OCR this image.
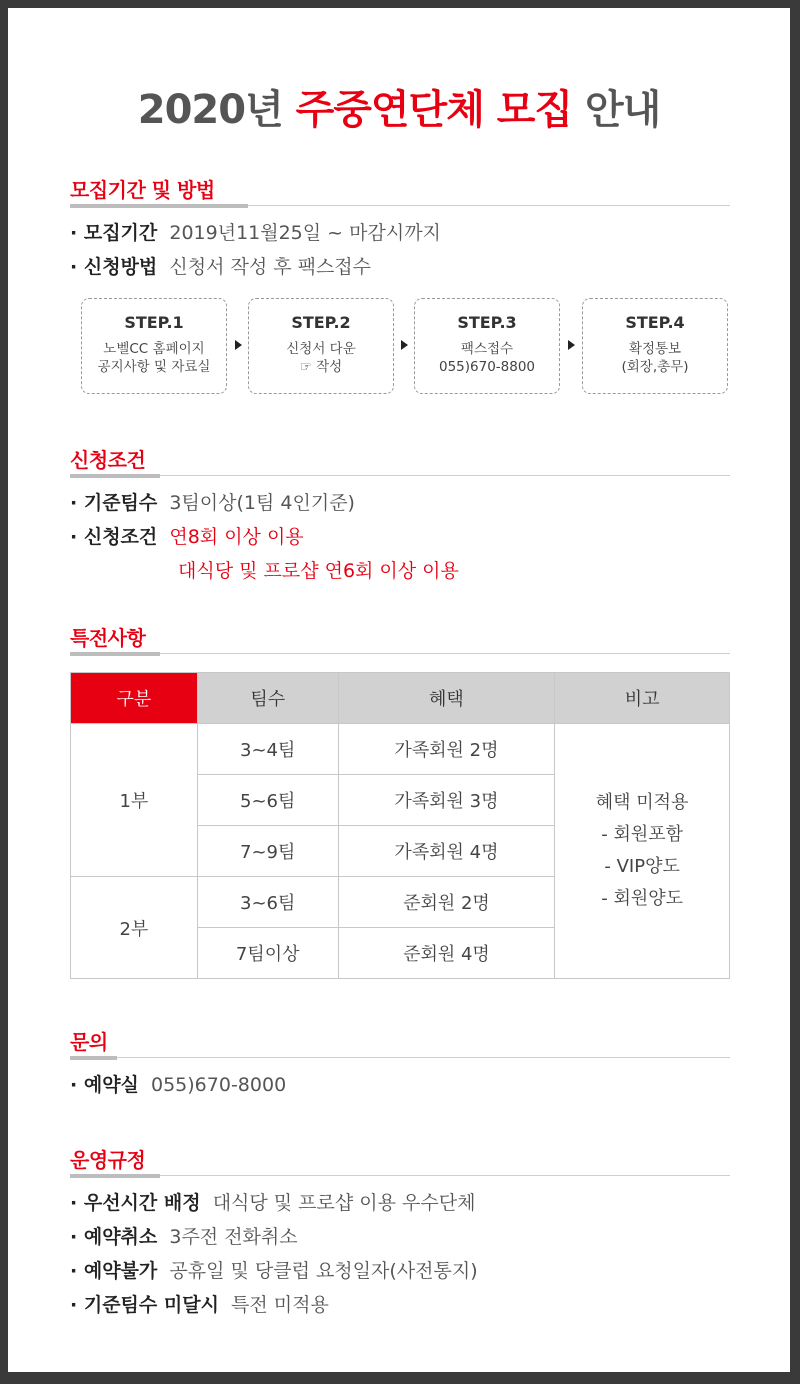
2020년 주중연단체 모집 안내
모집기간 및 방법
· 모집기간 2019년11월25일 ~ 마감시까지
· 신청방법 신청서 작성 후 팩스접수
STEP.1
노벨CC 홈페이지
공지사항 및 자료실
STEP.2
신청서 다운
☞ 작성
STEP.3
팩스접수
055)670-8800
STEP.4
확정통보
(회장,총무)
신청조건
· 기준팀수 3팀이상(1팀 4인기준)
· 신청조건 연8회 이상 이용
대식당 및 프로샵 연6회 이상 이용
특전사항
구분	팀수	혜택	비고
1부	3~4팀	가족회원 2명	혜택 미적용
- 회원포함
- VIP양도
- 회원양도

	5~6팀	가족회원 3명	
	7~9팀	가족회원 4명	
2부	3~6팀	준회원 2명	
	7팀이상	준회원 4명	
문의
· 예약실 055)670-8000
운영규정
· 우선시간 배정 대식당 및 프로샵 이용 우수단체
· 예약취소 3주전 전화취소
· 예약불가 공휴일 및 당클럽 요청일자(사전통지)
· 기준팀수 미달시 특전 미적용
